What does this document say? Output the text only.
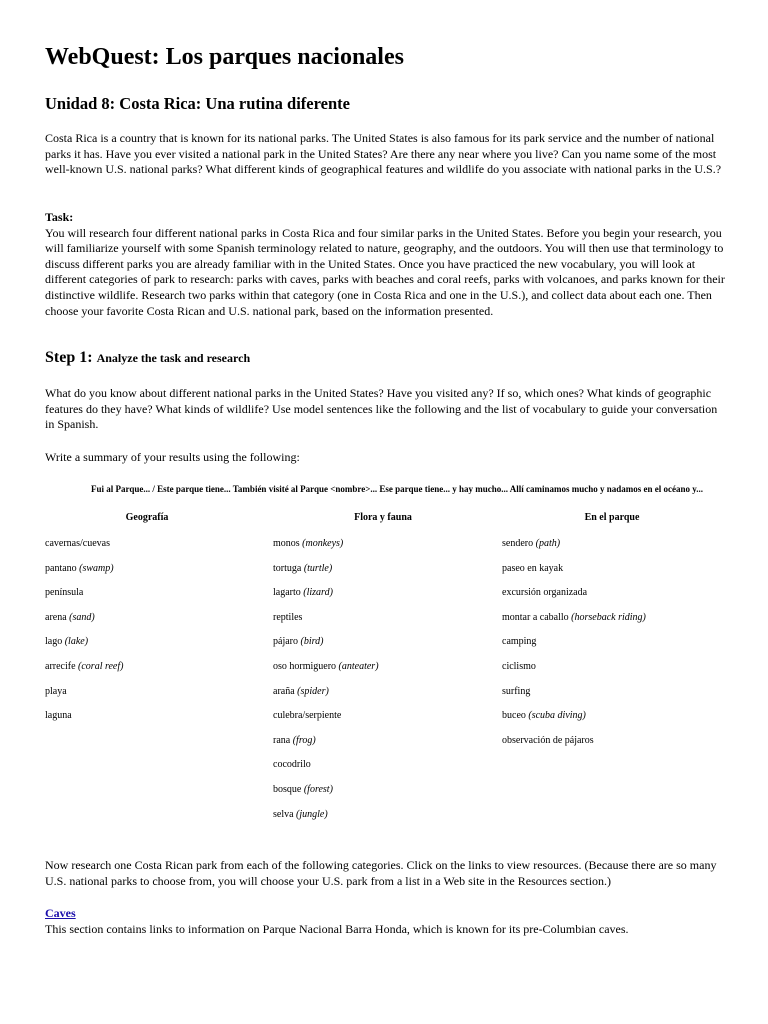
WebQuest: Los parques nacionales
Unidad 8: Costa Rica: Una rutina diferente

Costa Rica is a country that is known for its national parks. The United States is also famous for its park service and the number of national parks it has. Have you ever visited a national park in the United States? Are there any near where you live? Can you name some of the most well-known U.S. national parks? What different kinds of geographical features and wildlife do you associate with national parks in the U.S.?

Task:
You will research four different national parks in Costa Rica and four similar parks in the United States. Before you begin your research, you will familiarize yourself with some Spanish terminology related to nature, geography, and the outdoors. You will then use that terminology to discuss different parks you are already familiar with in the United States. Once you have practiced the new vocabulary, you will look at different categories of park to research: parks with caves, parks with beaches and coral reefs, parks with volcanoes, and parks known for their distinctive wildlife. Research two parks within that category (one in Costa Rica and one in the U.S.), and collect data about each one. Then choose your favorite Costa Rican and U.S. national park, based on the information presented.

Step 1: Analyze the task and research

What do you know about different national parks in the United States? Have you visited any? If so, which ones? What kinds of geographic features do they have? What kinds of wildlife? Use model sentences like the following and the list of vocabulary to guide your conversation in Spanish.

Write a summary of your results using the following:

Fui al Parque... / Este parque tiene... También visité al Parque <nombre>... Ese parque tiene... y hay mucho... Allí caminamos mucho y nadamos en el océano y...

Geografía
cavernas/cuevas
pantano (swamp)
península
arena (sand)
lago (lake)
arrecife (coral reef)
playa
laguna
Flora y fauna
monos (monkeys)
tortuga (turtle)
lagarto (lizard)
reptiles
pájaro (bird)
oso hormiguero (anteater)
araña (spider)
culebra/serpiente
rana (frog)
cocodrilo
bosque (forest)
selva (jungle)
En el parque
sendero (path)
paseo en kayak
excursión organizada
montar a caballo (horseback riding)
camping
ciclismo
surfing
buceo (scuba diving)
observación de pájaros

Now research one Costa Rican park from each of the following categories. Click on the links to view resources. (Because there are so many U.S. national parks to choose from, you will choose your U.S. park from a list in a Web site in the Resources section.)

Caves

This section contains links to information on Parque Nacional Barra Honda, which is known for its pre-Columbian caves.
